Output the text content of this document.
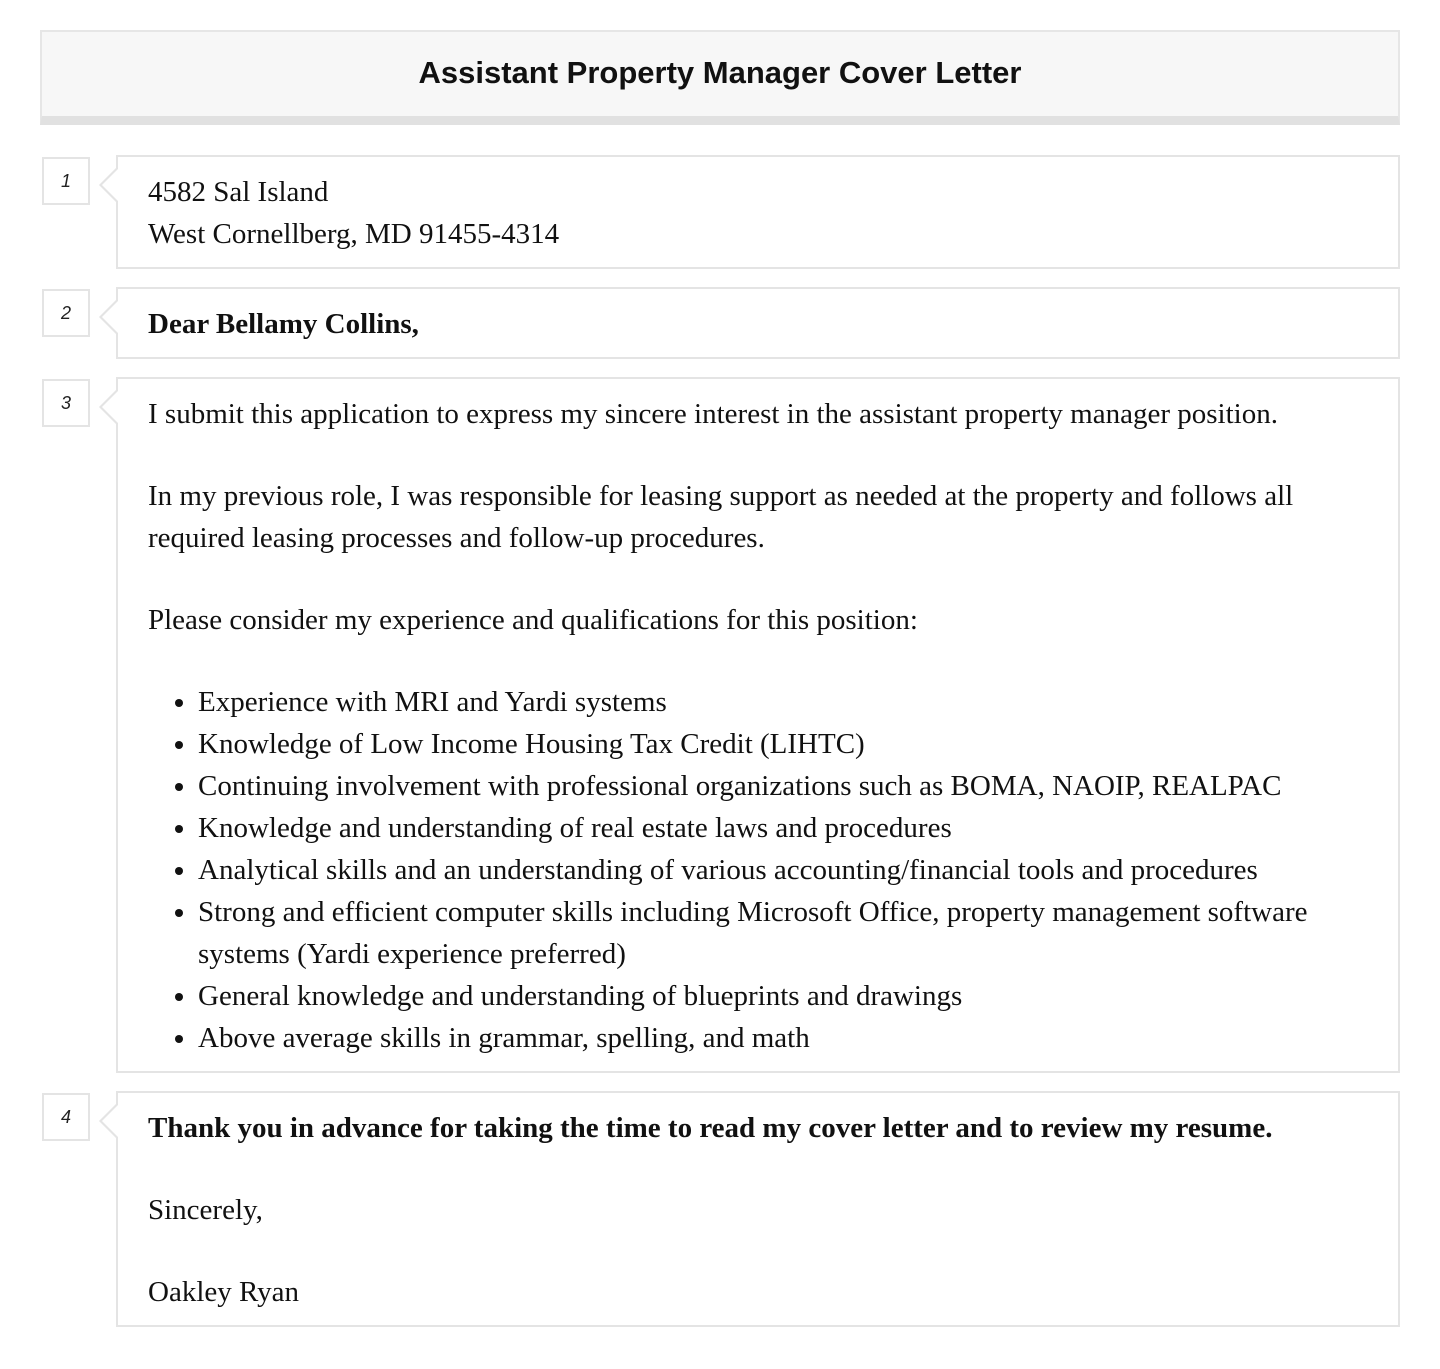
Assistant Property Manager Cover Letter
1	4582 Sal Island

West Cornellberg, MD 91455-4314

2	Dear Bellamy Collins,

3	I submit this application to express my sincere interest in the assistant property manager position.

In my previous role, I was responsible for leasing support as needed at the property and follows all required leasing processes and follow-up procedures.

Please consider my experience and qualifications for this position:

• Experience with MRI and Yardi systems
• Knowledge of Low Income Housing Tax Credit (LIHTC)
• Continuing involvement with professional organizations such as BOMA, NAOIP, REALPAC
• Knowledge and understanding of real estate laws and procedures
• Analytical skills and an understanding of various accounting/financial tools and procedures
• Strong and efficient computer skills including Microsoft Office, property management software systems (Yardi experience preferred)
• General knowledge and understanding of blueprints and drawings
• Above average skills in grammar, spelling, and math
4	Thank you in advance for taking the time to read my cover letter and to review my resume.

Sincerely,

Oakley Ryan
